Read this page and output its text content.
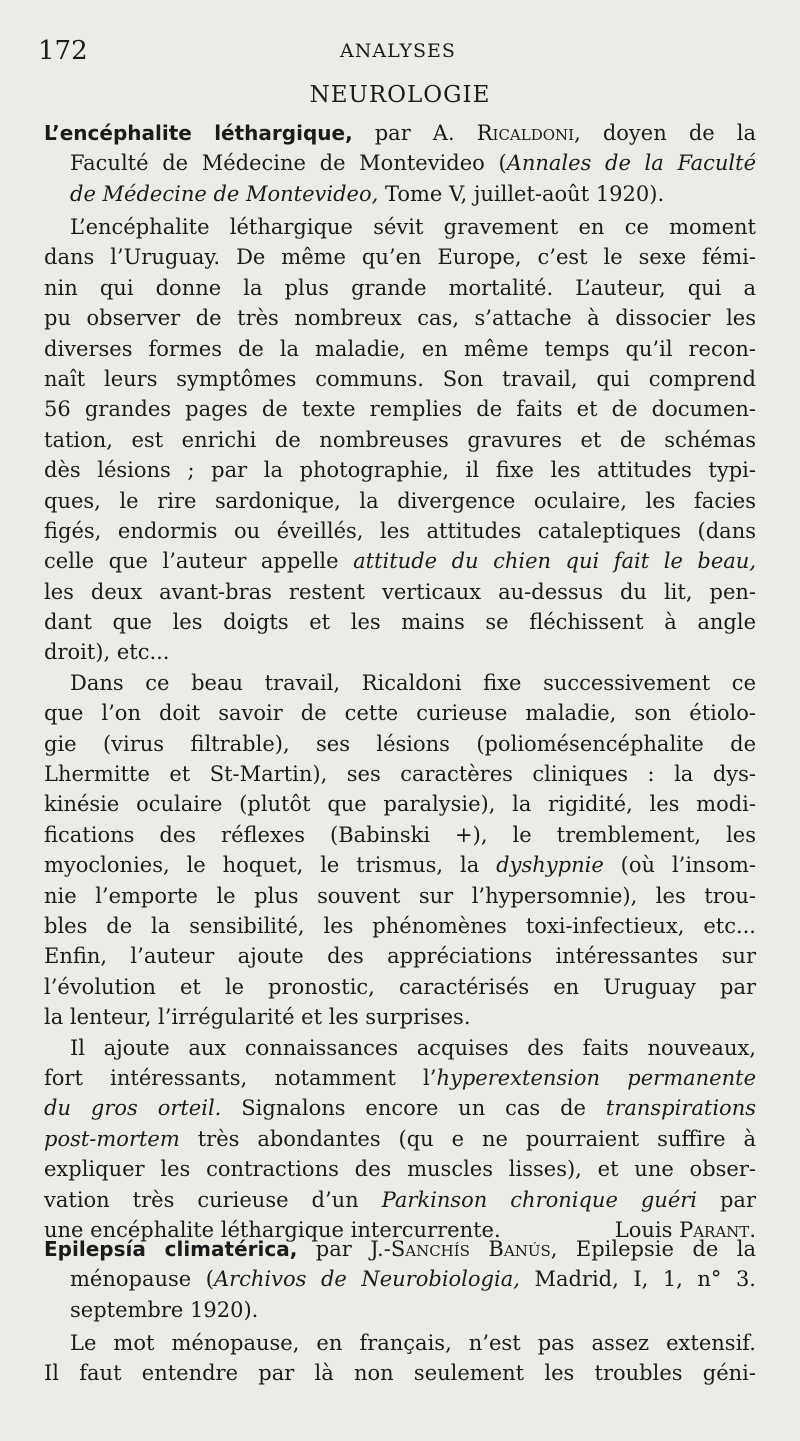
172	ANALYSES
NEUROLOGIE
L’encéphalite léthargique, par A. Ricaldoni, doyen de la
Faculté de Médecine de Montevideo (Annales de la Faculté
de Médecine de Montevideo, Tome V, juillet-août 1920).
L’encéphalite léthargique sévit gravement en ce moment
dans l’Uruguay. De même qu’en Europe, c’est le sexe fémi-
nin qui donne la plus grande mortalité. L’auteur, qui a
pu observer de très nombreux cas, s’attache à dissocier les
diverses formes de la maladie, en même temps qu’il recon-
naît leurs symptômes communs. Son travail, qui comprend
56 grandes pages de texte remplies de faits et de documen-
tation, est enrichi de nombreuses gravures et de schémas
dès lésions ; par la photographie, il fixe les attitudes typi-
ques, le rire sardonique, la divergence oculaire, les facies
figés, endormis ou éveillés, les attitudes cataleptiques (dans
celle que l’auteur appelle attitude du chien qui fait le beau,
les deux avant-bras restent verticaux au-dessus du lit, pen-
dant que les doigts et les mains se fléchissent à angle
droit), etc...
Dans ce beau travail, Ricaldoni fixe successivement ce
que l’on doit savoir de cette curieuse maladie, son étiolo-
gie (virus filtrable), ses lésions (poliomésencéphalite de
Lhermitte et St-Martin), ses caractères cliniques : la dys-
kinésie oculaire (plutôt que paralysie), la rigidité, les modi-
fications des réflexes (Babinski +), le tremblement, les
myoclonies, le hoquet, le trismus, la dyshypnie (où l’insom-
nie l’emporte le plus souvent sur l’hypersomnie), les trou-
bles de la sensibilité, les phénomènes toxi-infectieux, etc...
Enfin, l’auteur ajoute des appréciations intéressantes sur
l’évolution et le pronostic, caractérisés en Uruguay par
la lenteur, l’irrégularité et les surprises.
Il ajoute aux connaissances acquises des faits nouveaux,
fort intéressants, notamment l’hyperextension permanente
du gros orteil. Signalons encore un cas de transpirations
post-mortem très abondantes (qu e ne pourraient suffire à
expliquer les contractions des muscles lisses), et une obser-
vation très curieuse d’un Parkinson chronique guéri par
une encéphalite léthargique intercurrente.	Louis Parant.
Epilepsía climatérica, par J.-Sanchís Banús, Epilepsie de la
ménopause (Archivos de Neurobiologia, Madrid, I, 1, n° 3.
septembre 1920).
Le mot ménopause, en français, n’est pas assez extensif.
Il faut entendre par là non seulement les troubles géni-
